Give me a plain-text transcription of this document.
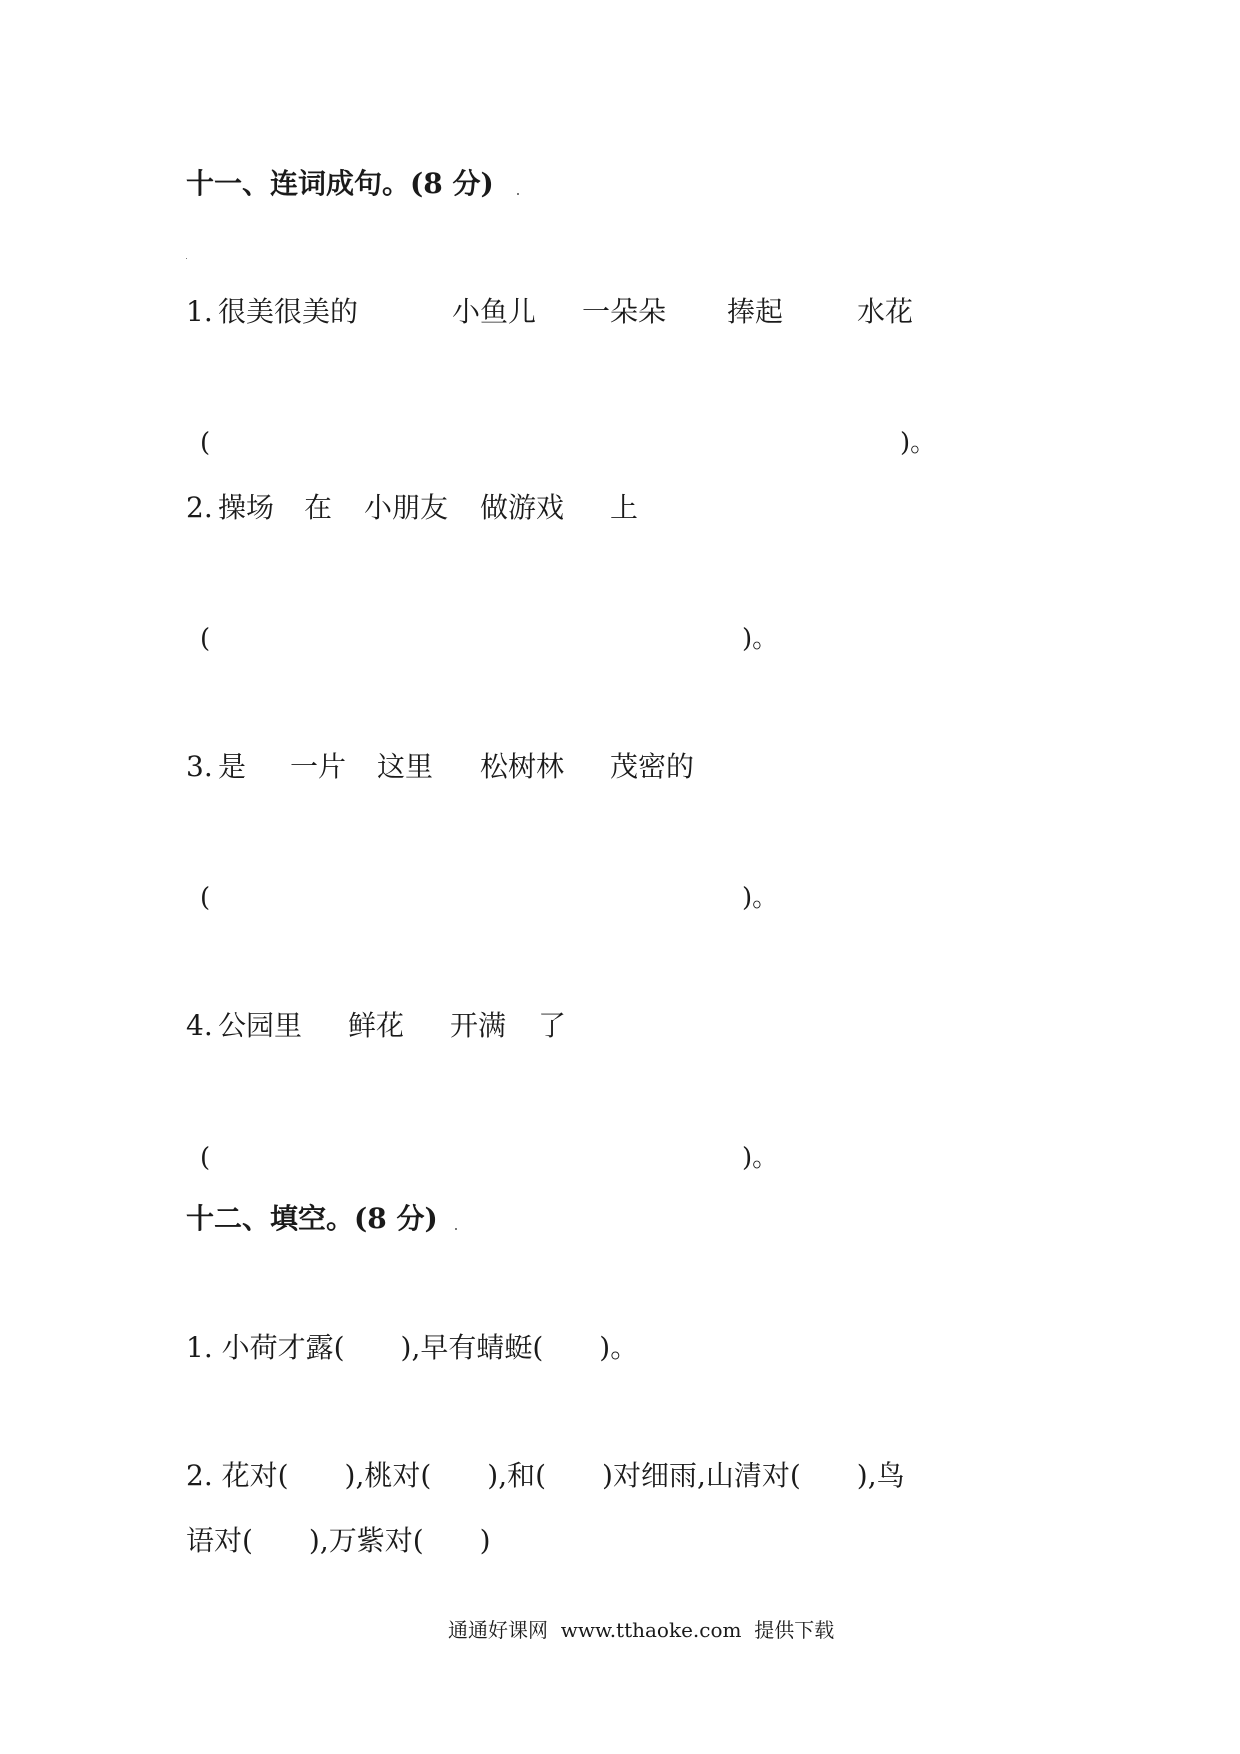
十一、连词成句。(8 分)
1. 很美很美的	小鱼儿 一朵朵 捧起	水花
(	)。
2. 操场 在 小朋友 做游戏 上
(	)。
3. 是 一片 这里 松树林 茂密的
(	)。
4. 公园里 鲜花 开满 了
(	)。
十二、填空。(8 分)
1. 小荷才露(　　),早有蜻蜓(　　)。
2. 花对(　　),桃对(　　),和(　　)对细雨,山清对(　　),鸟
语对(　　),万紫对(　　)
通通好课网  www.tthaoke.com  提供下载
